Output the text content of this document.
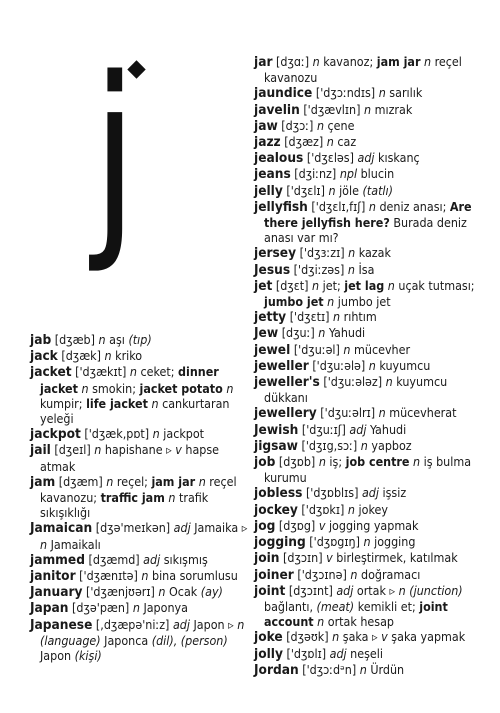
j

jab [dʒæb] n aşı (tıp)

jack [dʒæk] n kriko

jacket ['dʒækɪt] n ceket; dinner jacket n smokin; jacket potato n kumpir; life jacket n cankurtaran yeleği

jackpot ['dʒæk,pɒt] n jackpot

jail [dʒeɪl] n hapishane ▹ v hapse atmak

jam [dʒæm] n reçel; jam jar n reçel kavanozu; traffic jam n trafik sıkışıklığı

Jamaican [dʒə'meɪkən] adj Jamaika ▹ n Jamaikalı

jammed [dʒæmd] adj sıkışmış

janitor ['dʒænɪtə] n bina sorumlusu

January ['dʒænjʊərɪ] n Ocak (ay)

Japan [dʒə'pæn] n Japonya

Japanese [,dʒæpə'niːz] adj Japon ▹ n (language) Japonca (dil), (person) Japon (kişi)

jar [dʒɑː] n kavanoz; jam jar n reçel kavanozu

jaundice ['dʒɔːndɪs] n sarılık

javelin ['dʒævlɪn] n mızrak

jaw [dʒɔː] n çene

jazz [dʒæz] n caz

jealous ['dʒɛləs] adj kıskanç

jeans [dʒiːnz] npl blucin

jelly ['dʒɛlɪ] n jöle (tatlı)

jellyfish ['dʒɛlɪ,fɪʃ] n deniz anası; Are there jellyfish here? Burada deniz anası var mı?

jersey ['dʒɜːzɪ] n kazak

Jesus ['dʒiːzəs] n İsa

jet [dʒɛt] n jet; jet lag n uçak tutması; jumbo jet n jumbo jet

jetty ['dʒɛtɪ] n rıhtım

Jew [dʒuː] n Yahudi

jewel ['dʒuːəl] n mücevher

jeweller ['dʒuːələ] n kuyumcu

jeweller's ['dʒuːələz] n kuyumcu dükkanı

jewellery ['dʒuːəlrɪ] n mücevherat

Jewish ['dʒuːɪʃ] adj Yahudi

jigsaw ['dʒɪg,sɔː] n yapboz

job [dʒɒb] n iş; job centre n iş bulma kurumu

jobless ['dʒɒblɪs] adj işsiz

jockey ['dʒɒkɪ] n jokey

jog [dʒɒg] v jogging yapmak

jogging ['dʒɒgɪŋ] n jogging

join [dʒɔɪn] v birleştirmek, katılmak

joiner ['dʒɔɪnə] n doğramacı

joint [dʒɔɪnt] adj ortak ▹ n (junction) bağlantı, (meat) kemikli et; joint account n ortak hesap

joke [dʒəʊk] n şaka ▹ v şaka yapmak

jolly ['dʒɒlɪ] adj neşeli

Jordan ['dʒɔːdᵊn] n Ürdün
